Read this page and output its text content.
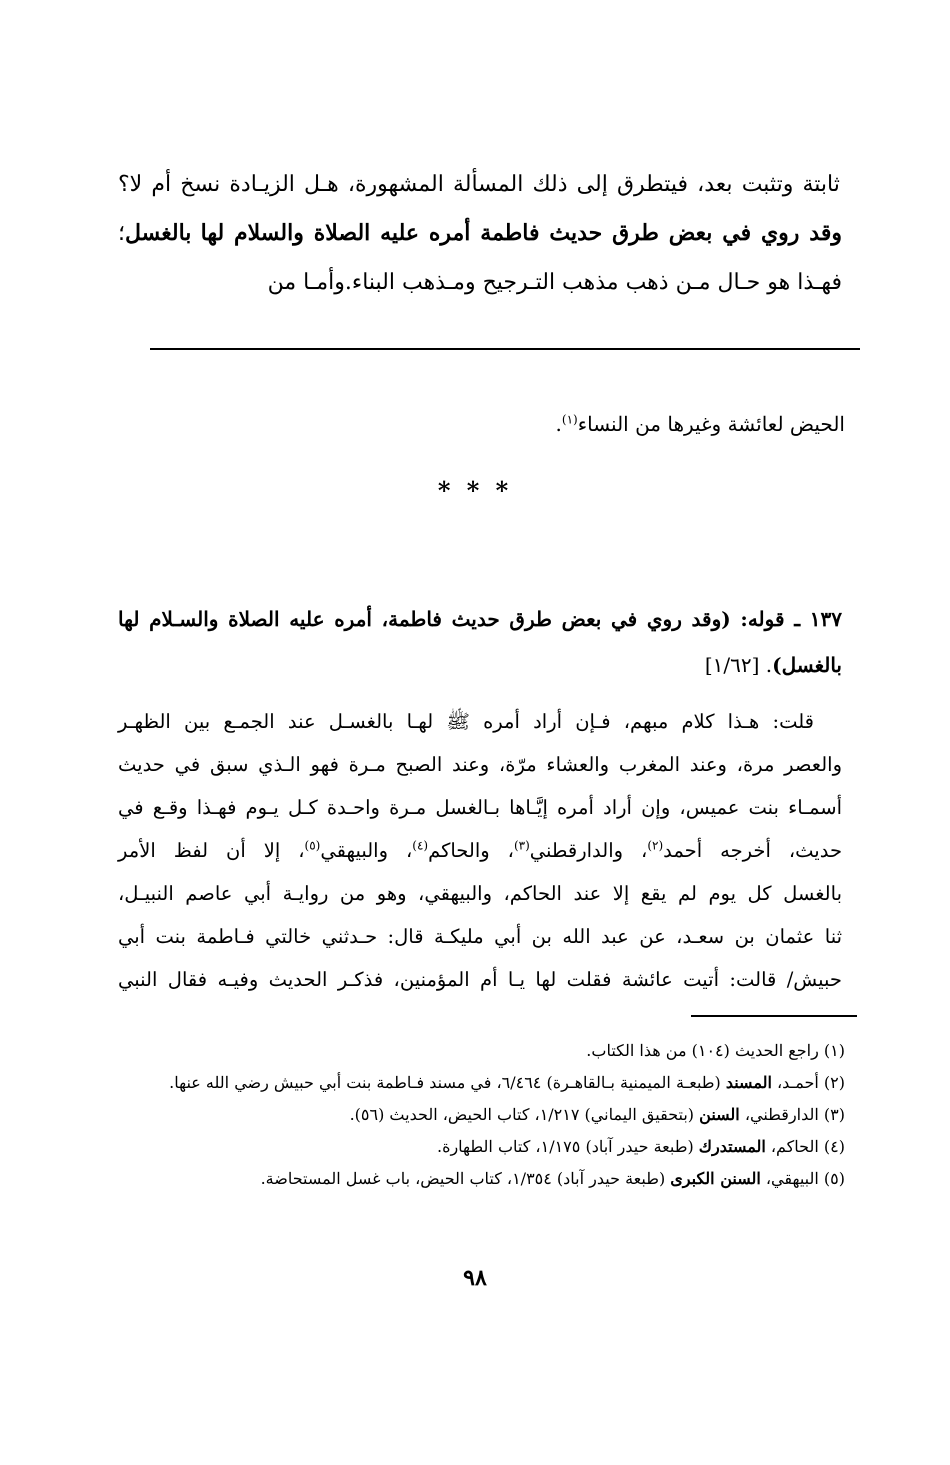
ثابتة وتثبت بعد، فيتطرق إلى ذلك المسألة المشهورة، هـل الزيـادة نسخ أم لا؟ وقد روي في بعض طرق حديث فاطمة أمره عليه الصلاة والسلام لها بالغسل؛فهـذا هو حـال مـن ذهب مذهب التـرجيح ومـذهب البناء.وأمـا من
الحيض لعائشة وغيرها من النساء$^{(١)}$.
* * *
١٣٧ ـ قوله: (وقد روي في بعض طرق حديث فاطمة، أمره عليه الصلاة والسـلام لها بالغسل). [١/٦٢]
قلت: هـذا كلام مبهم، فـإن أراد أمره ﷺ لهـا بالغسـل عند الجمـع بين الظهـر
والعصر مرة، وعند المغرب والعشاء مرّة، وعند الصبح مـرة فهو الـذي سبق في حديث
أسمـاء بنت عميس، وإن أراد أمره إيَّـاها بـالغسل مـرة واحـدة كـل يـوم فهـذا وقـع في
حديث، أخرجه أحمد$^{(٢)}$، والدارقطني$^{(٣)}$، والحاكم$^{(٤)}$، والبيهقي$^{(٥)}$، إلا أن لفظ الأمر
بالغسل كل يوم لم يقع إلا عند الحاكم، والبيهقي، وهو من روايـة أبي عاصم النبيـل،
ثنا عثمان بن سعـد، عن عبد الله بن أبي مليكـة قال: حـدثني خالتي فـاطمة بنت أبي
حبيش/ قالت: أتيت عائشة فقلت لها يـا أم المؤمنين، فذكـر الحديث وفيـه فقال النبي
(١) راجع الحديث (١٠٤) من هذا الكتاب.
(٢) أحمـد، المسند (طبعـة الميمنية بـالقاهـرة) ٦/٤٦٤، في مسند فـاطمة بنت أبي حبيش رضي الله عنها.
(٣) الدارقطني، السنن (بتحقيق اليماني) ١/٢١٧، كتاب الحيض، الحديث (٥٦).
(٤) الحاكم، المستدرك (طبعة حيدر آباد) ١/١٧٥، كتاب الطهارة.
(٥) البيهقي، السنن الكبرى (طبعة حيدر آباد) ١/٣٥٤، كتاب الحيض، باب غسل المستحاضة.
٩٨
